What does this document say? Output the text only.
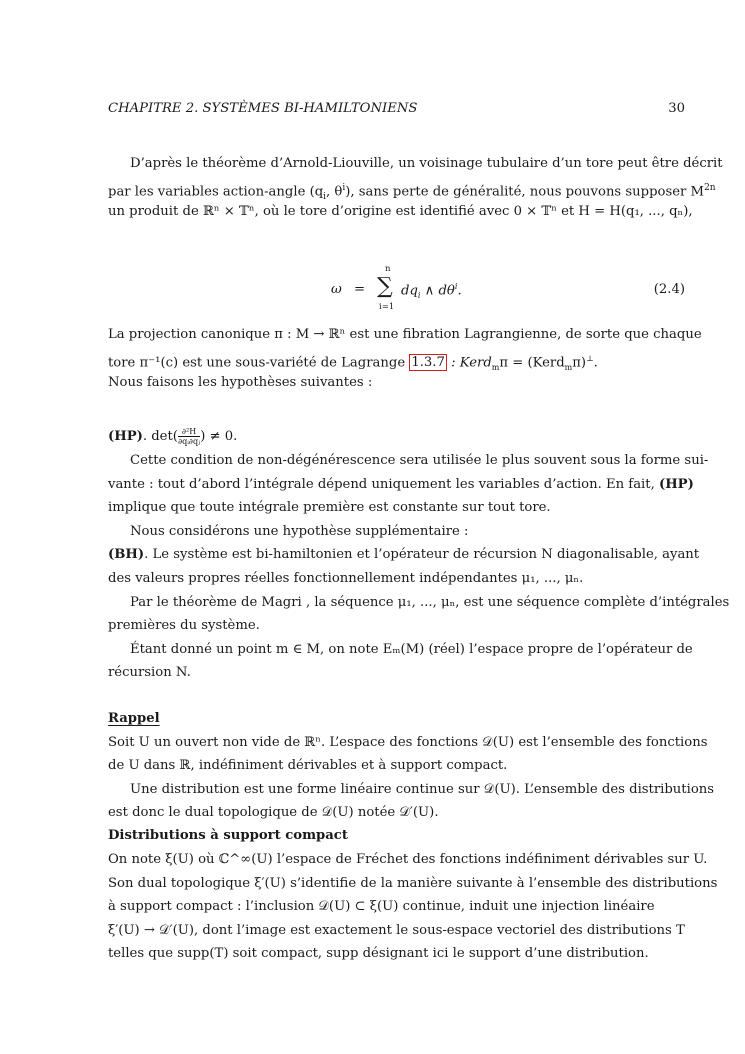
CHAPITRE 2. SYSTÈMES BI-HAMILTONIENS	30
D’après le théorème d’Arnold-Liouville, un voisinage tubulaire d’un tore peut être décrit
par les variables action-angle ($q_i$, $\theta^i$), sans perte de généralité, nous pouvons supposer $M^{2n}$
un produit de ℝⁿ × 𝕋ⁿ, où le tore d’origine est identifié avec 0 × 𝕋ⁿ et H = H(q₁, ..., qₙ),
ω =
n
∑
i=1
$dq_i$ ∧ $d\theta^i$.	(2.4)
La projection canonique π : M → ℝⁿ est une fibration Lagrangienne, de sorte que chaque
tore π⁻¹(c) est une sous-variété de Lagrange 1.3.7 : Kerd$_m$π = (Kerd$_m$π)⊥.
Nous faisons les hypothèses suivantes :
(HP). $\det( \frac{\text{∂²H}}{\text{∂qᵢ∂qⱼ}}$ ) ≠ 0.
Cette condition de non-dégénérescence sera utilisée le plus souvent sous la forme sui-
vante : tout d’abord l’intégrale dépend uniquement les variables d’action. En fait, (HP)
implique que toute intégrale première est constante sur tout tore.
Nous considérons une hypothèse supplémentaire :
(BH). Le système est bi-hamiltonien et l’opérateur de récursion N diagonalisable, ayant
des valeurs propres réelles fonctionnellement indépendantes μ₁, ..., μₙ.
Par le théorème de Magri , la séquence μ₁, ..., μₙ, est une séquence complète d’intégrales
premières du système.
Étant donné un point m ∈ M, on note Eₘ(M) (réel) l’espace propre de l’opérateur de
récursion N.
Rappel
Soit U un ouvert non vide de ℝⁿ. L’espace des fonctions 𝒟(U) est l’ensemble des fonctions
de U dans ℝ, indéfiniment dérivables et à support compact.
Une distribution est une forme linéaire continue sur 𝒟(U). L’ensemble des distributions
est donc le dual topologique de 𝒟(U) notée 𝒟′(U).
Distributions à support compact
On note ξ(U) où ℂ^∞(U) l’espace de Fréchet des fonctions indéfiniment dérivables sur U.
Son dual topologique ξ′(U) s’identifie de la manière suivante à l’ensemble des distributions
à support compact : l’inclusion 𝒟(U) ⊂ ξ(U) continue, induit une injection linéaire
ξ′(U) → 𝒟′(U), dont l’image est exactement le sous-espace vectoriel des distributions T
telles que supp(T) soit compact, supp désignant ici le support d’une distribution.
